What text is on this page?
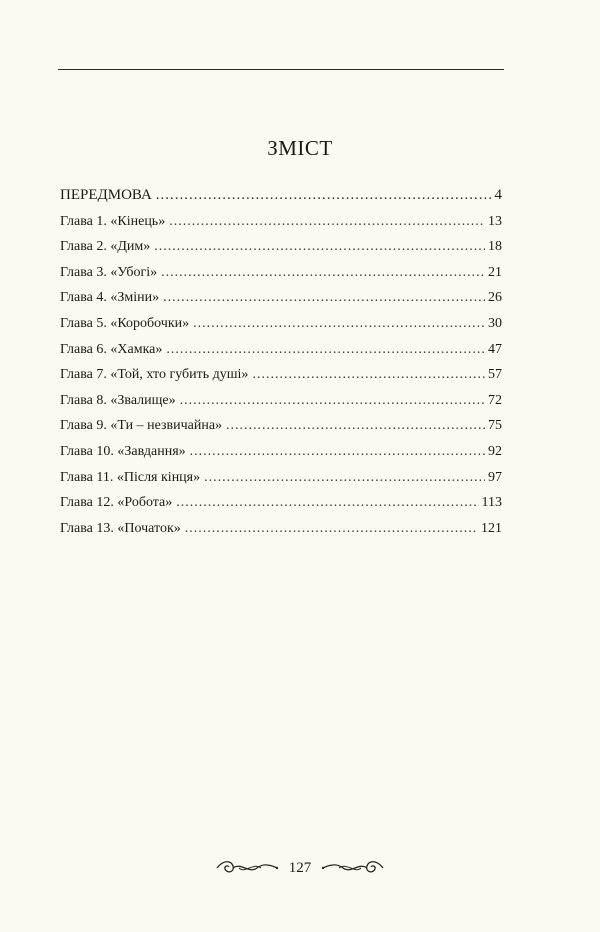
ЗМІСТ
ПЕРЕДМОВА .....	4
Глава 1. «Кінець» .....	13
Глава 2. «Дим» .....	18
Глава 3. «Убогі» .....	21
Глава 4. «Зміни» .....	26
Глава 5. «Коробочки» .....	30
Глава 6. «Хамка» .....	47
Глава 7. «Той, хто губить душі» .....	57
Глава 8. «Звалище» .....	72
Глава 9. «Ти – незвичайна» .....	75
Глава 10. «Завдання» .....	92
Глава 11. «Після кінця» .....	97
Глава 12. «Робота» .....	113
Глава 13. «Початок» .....	121
127
